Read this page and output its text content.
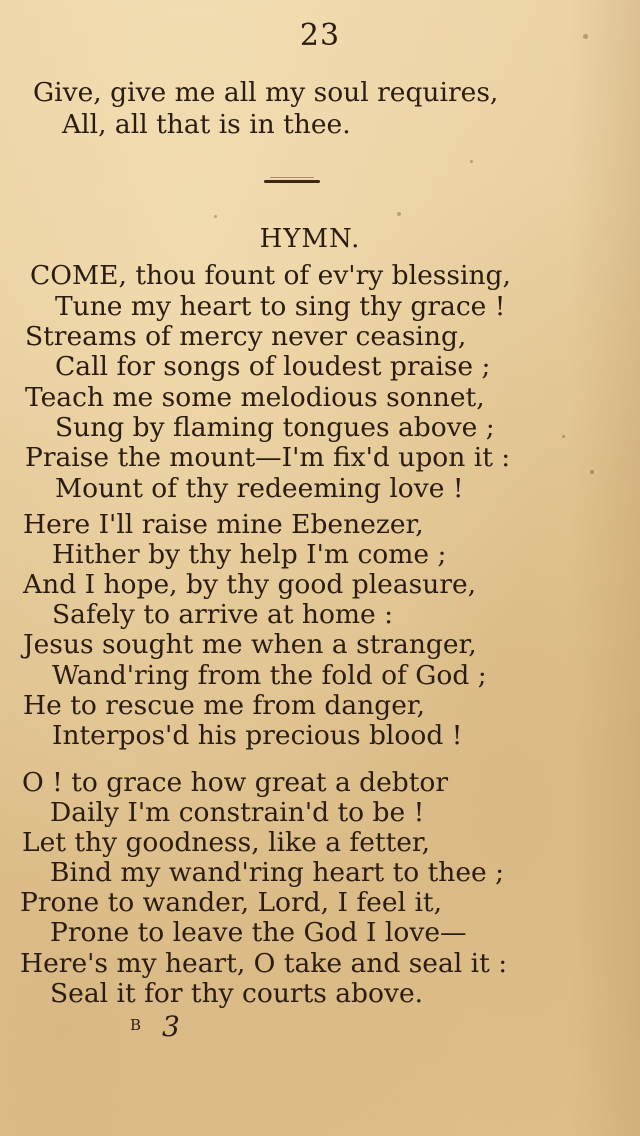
23
Give, give me all my soul requires,
All, all that is in thee.
HYMN.
COME, thou fount of ev'ry blessing,
Tune my heart to sing thy grace !
Streams of mercy never ceasing,
Call for songs of loudest praise ;
Teach me some melodious sonnet,
Sung by flaming tongues above ;
Praise the mount—I'm fix'd upon it :
Mount of thy redeeming love !
Here I'll raise mine Ebenezer,
Hither by thy help I'm come ;
And I hope, by thy good pleasure,
Safely to arrive at home :
Jesus sought me when a stranger,
Wand'ring from the fold of God ;
He to rescue me from danger,
Interpos'd his precious blood !
O ! to grace how great a debtor
Daily I'm constrain'd to be !
Let thy goodness, like a fetter,
Bind my wand'ring heart to thee ;
Prone to wander, Lord, I feel it,
Prone to leave the God I love—
Here's my heart, O take and seal it :
Seal it for thy courts above.
B 3
